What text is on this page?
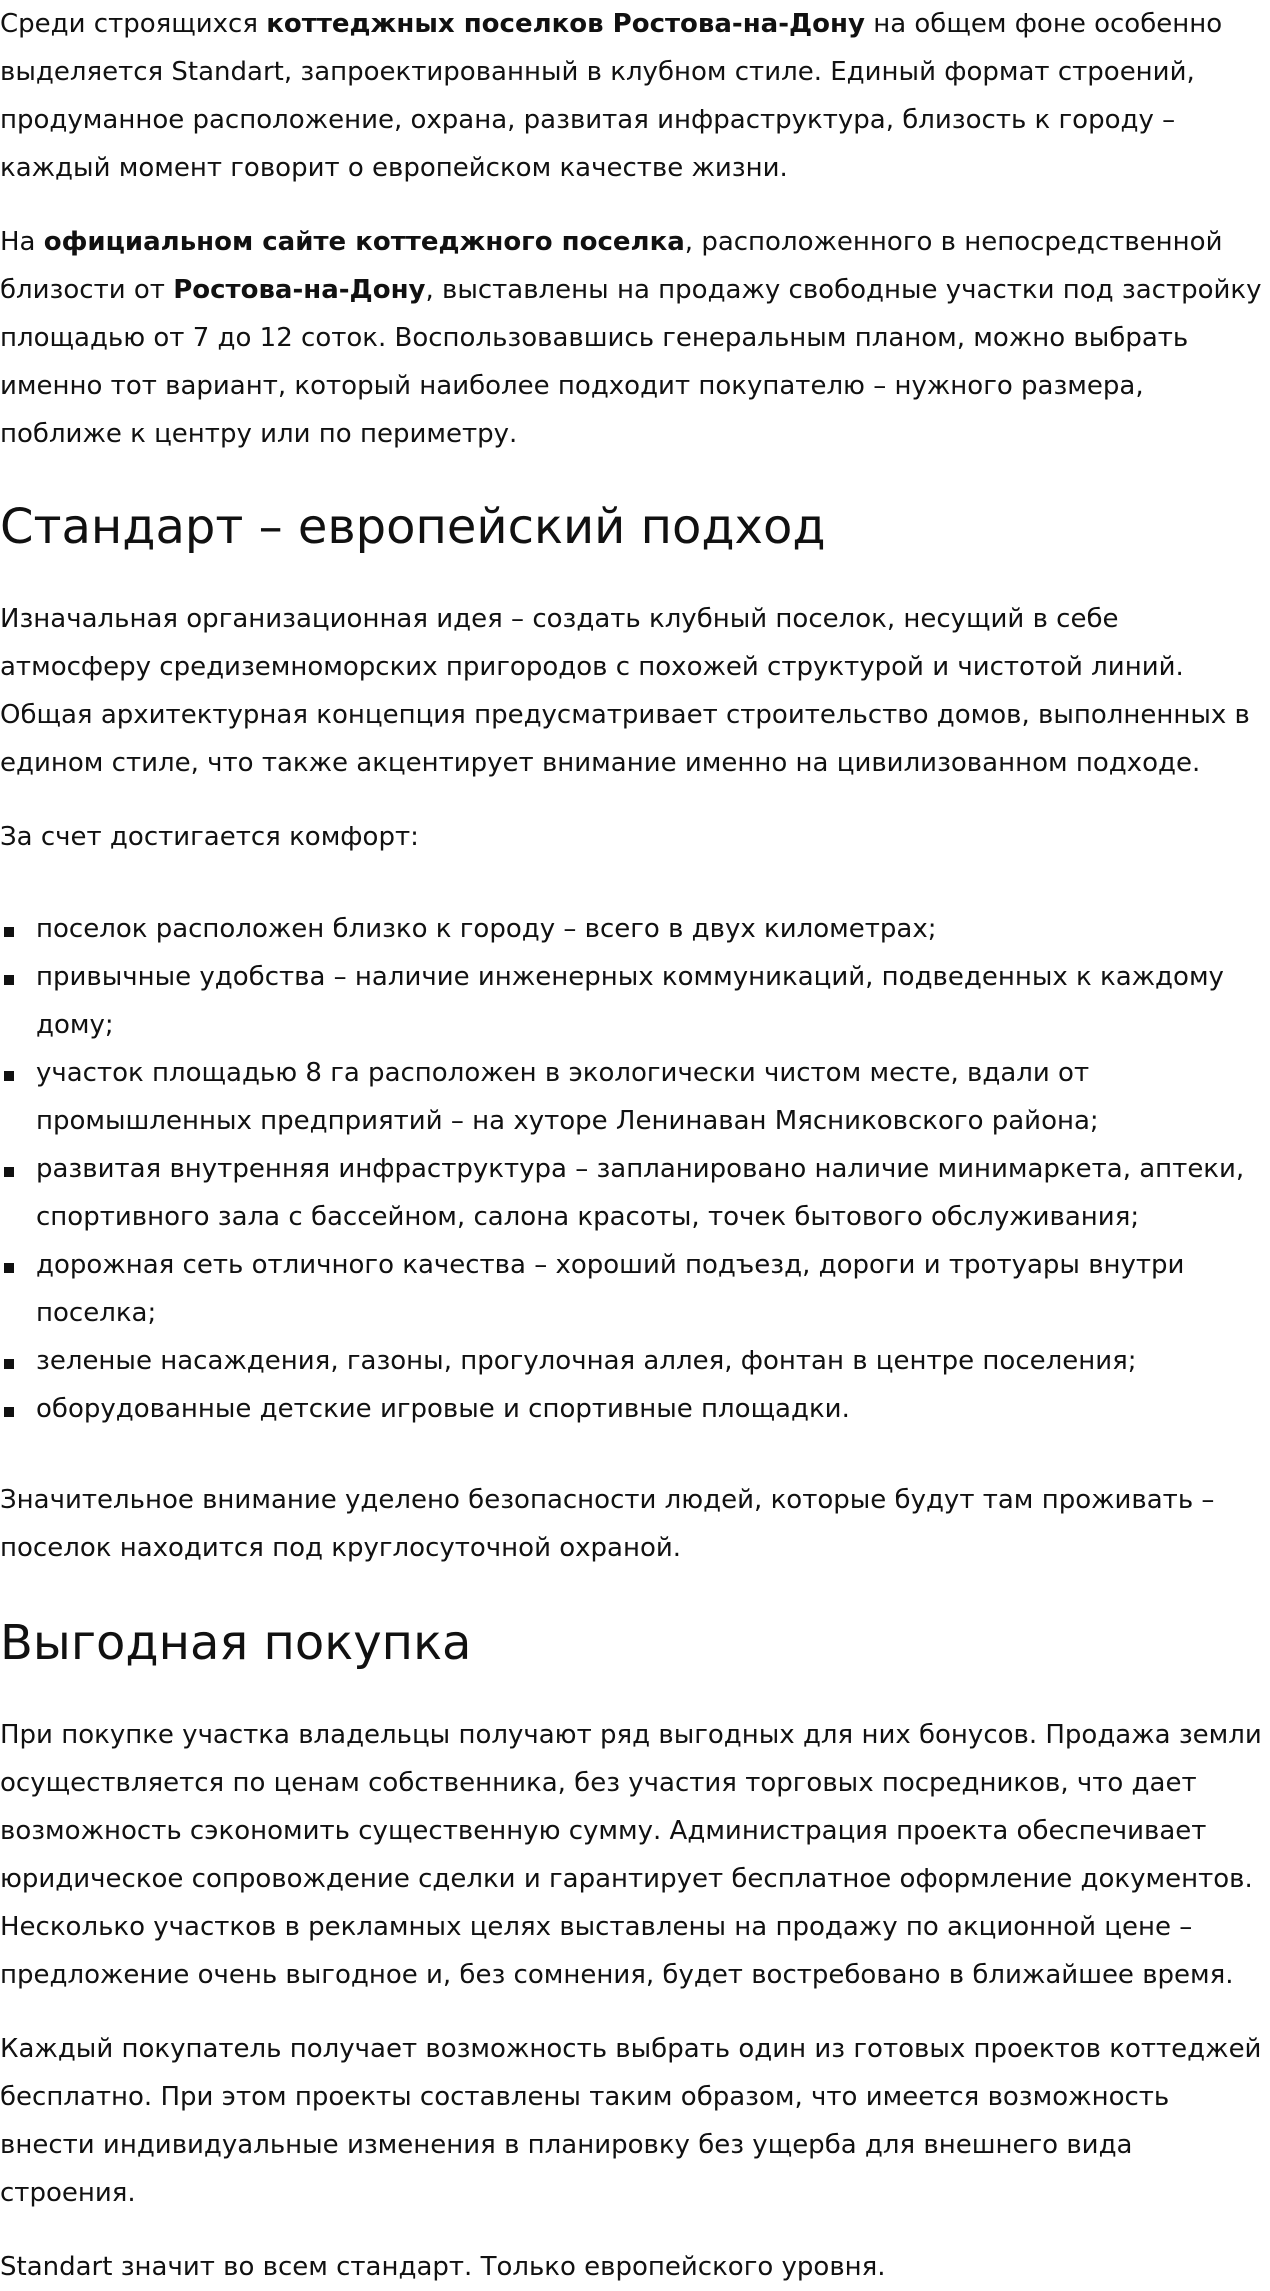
Среди строящихся коттеджных поселков Ростова-на-Дону на общем фоне особенно выделяется Standart, запроектированный в клубном стиле. Единый формат строений, продуманное расположение, охрана, развитая инфраструктура, близость к городу – каждый момент говорит о европейском качестве жизни.

На официальном сайте коттеджного поселка, расположенного в непосредственной близости от Ростова-на-Дону, выставлены на продажу свободные участки под застройку площадью от 7 до 12 соток. Воспользовавшись генеральным планом, можно выбрать именно тот вариант, который наиболее подходит покупателю – нужного размера, поближе к центру или по периметру.

Стандарт – европейский подход

Изначальная организационная идея – создать клубный поселок, несущий в себе атмосферу средиземноморских пригородов с похожей структурой и чистотой линий. Общая архитектурная концепция предусматривает строительство домов, выполненных в едином стиле, что также акцентирует внимание именно на цивилизованном подходе.

За счет достигается комфорт:

поселок расположен близко к городу – всего в двух километрах;
привычные удобства – наличие инженерных коммуникаций, подведенных к каждому дому;
участок площадью 8 га расположен в экологически чистом месте, вдали от промышленных предприятий – на хуторе Ленинаван Мясниковского района;
развитая внутренняя инфраструктура – запланировано наличие минимаркета, аптеки, спортивного зала с бассейном, салона красоты, точек бытового обслуживания;
дорожная сеть отличного качества – хороший подъезд, дороги и тротуары внутри поселка;
зеленые насаждения, газоны, прогулочная аллея, фонтан в центре поселения;
оборудованные детские игровые и спортивные площадки.

Значительное внимание уделено безопасности людей, которые будут там проживать – поселок находится под круглосуточной охраной.

Выгодная покупка

При покупке участка владельцы получают ряд выгодных для них бонусов. Продажа земли осуществляется по ценам собственника, без участия торговых посредников, что дает возможность сэкономить существенную сумму. Администрация проекта обеспечивает юридическое сопровождение сделки и гарантирует бесплатное оформление документов. Несколько участков в рекламных целях выставлены на продажу по акционной цене – предложение очень выгодное и, без сомнения, будет востребовано в ближайшее время.

Каждый покупатель получает возможность выбрать один из готовых проектов коттеджей бесплатно. При этом проекты составлены таким образом, что имеется возможность внести индивидуальные изменения в планировку без ущерба для внешнего вида строения.

Standart значит во всем стандарт. Только европейского уровня.
